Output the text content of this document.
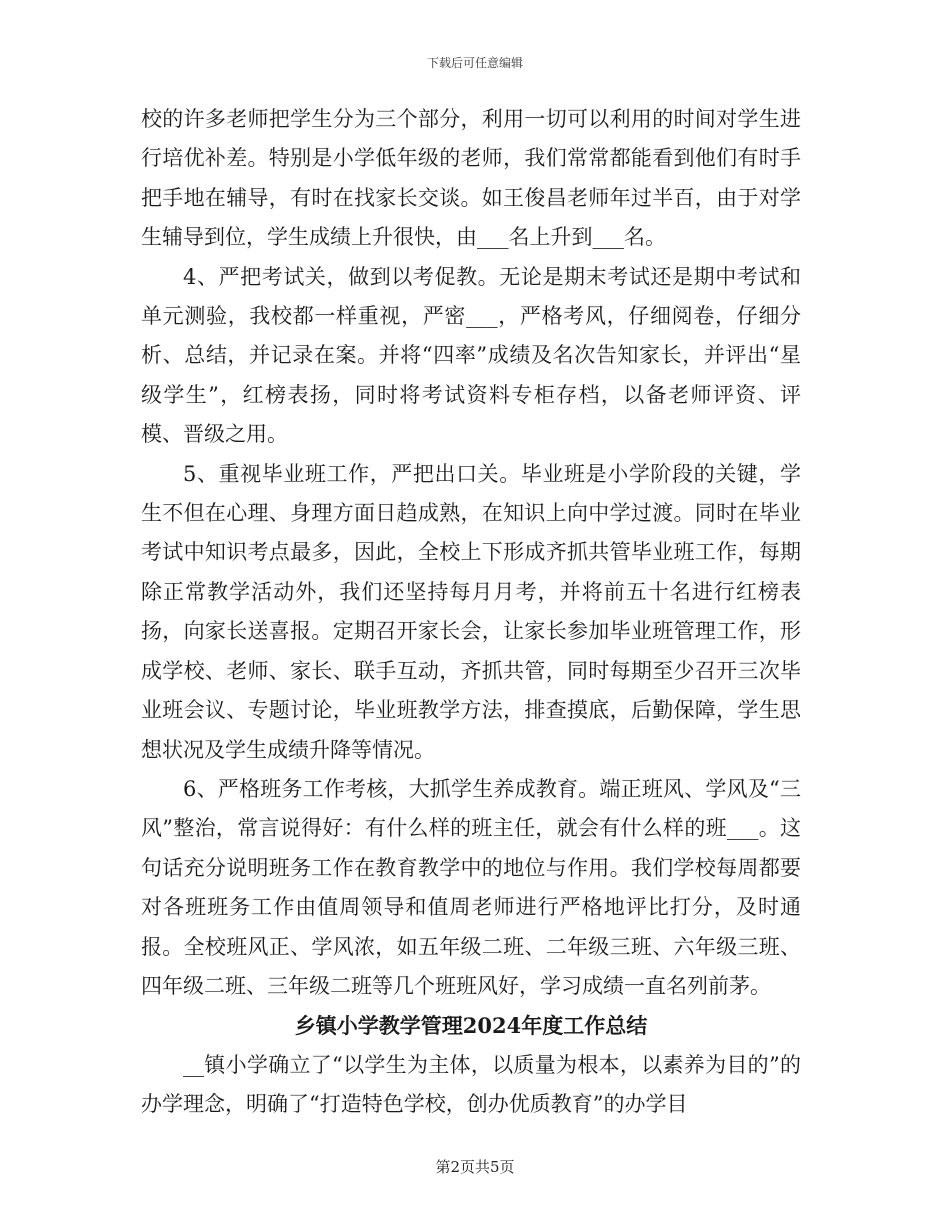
下载后可任意编辑

校的许多老师把学生分为三个部分，利用一切可以利用的时间对学生进行培优补差。特别是小学低年级的老师，我们常常都能看到他们有时手把手地在辅导，有时在找家长交谈。如王俊昌老师年过半百，由于对学生辅导到位，学生成绩上升很快，由___名上升到___名。

4、严把考试关，做到以考促教。无论是期末考试还是期中考试和单元测验，我校都一样重视，严密___，严格考风，仔细阅卷，仔细分析、总结，并记录在案。并将“四率”成绩及名次告知家长，并评出“星级学生”，红榜表扬，同时将考试资料专柜存档，以备老师评资、评模、晋级之用。

5、重视毕业班工作，严把出口关。毕业班是小学阶段的关键，学生不但在心理、身理方面日趋成熟，在知识上向中学过渡。同时在毕业考试中知识考点最多，因此，全校上下形成齐抓共管毕业班工作，每期除正常教学活动外，我们还坚持每月月考，并将前五十名进行红榜表扬，向家长送喜报。定期召开家长会，让家长参加毕业班管理工作，形成学校、老师、家长、联手互动，齐抓共管，同时每期至少召开三次毕业班会议、专题讨论，毕业班教学方法，排查摸底，后勤保障，学生思想状况及学生成绩升降等情况。

6、严格班务工作考核，大抓学生养成教育。端正班风、学风及“三风”整治，常言说得好：有什么样的班主任，就会有什么样的班___。这句话充分说明班务工作在教育教学中的地位与作用。我们学校每周都要对各班班务工作由值周领导和值周老师进行严格地评比打分，及时通报。全校班风正、学风浓，如五年级二班、二年级三班、六年级三班、四年级二班、三年级二班等几个班班风好，学习成绩一直名列前茅。

乡镇小学教学管理2024年度工作总结

__镇小学确立了“以学生为主体，以质量为根本，以素养为目的”的办学理念，明确了“打造特色学校，创办优质教育”的办学目

第2页共5页
